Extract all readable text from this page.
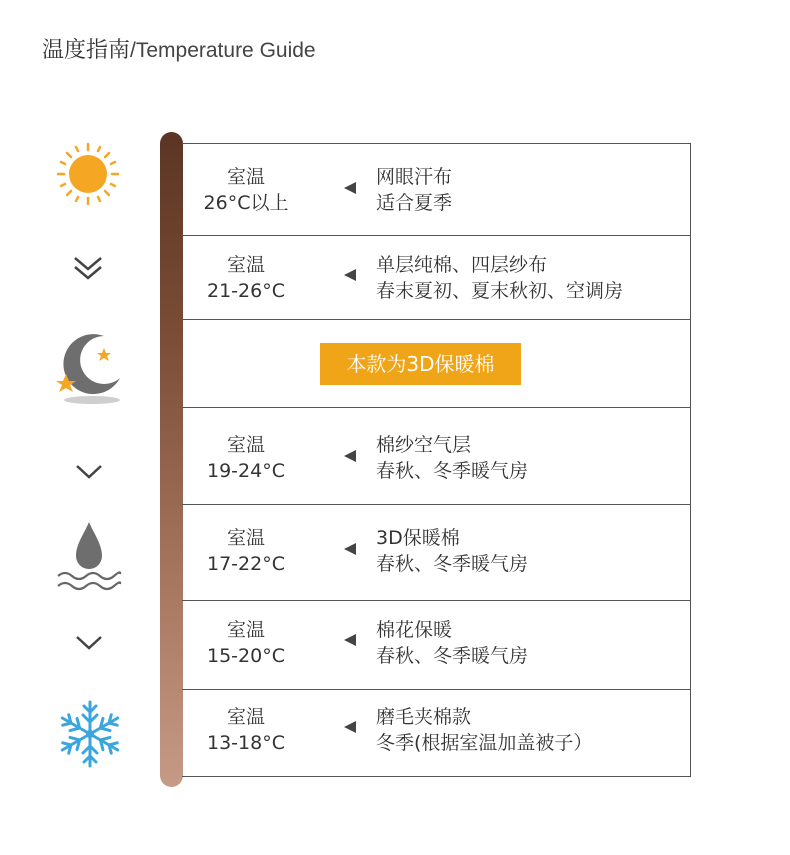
温度指南/Temperature Guide
室温
26°C以上
网眼汗布
适合夏季
室温
21-26°C
单层纯棉、四层纱布
春末夏初、夏末秋初、空调房
本款为3D保暖棉
室温
19-24°C
棉纱空气层
春秋、冬季暖气房
室温
17-22°C
3D保暖棉
春秋、冬季暖气房
室温
15-20°C
棉花保暖
春秋、冬季暖气房
室温
13-18°C
磨毛夹棉款
冬季(根据室温加盖被子）
